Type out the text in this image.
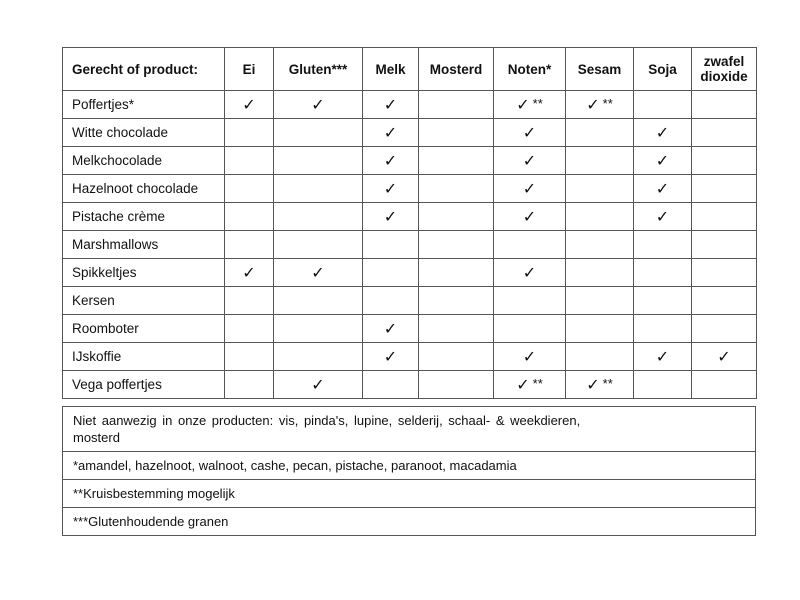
Gerecht of product:	Ei	Gluten***	Melk	Mosterd	Noten*	Sesam	Soja	zwafel
dioxide
Poffertjes*	✓	✓	✓		✓ **	✓ **		
Witte chocolade			✓		✓		✓	
Melkchocolade			✓		✓		✓	
Hazelnoot chocolade			✓		✓		✓	
Pistache crème			✓		✓		✓	
Marshmallows								
Spikkeltjes	✓	✓			✓			
Kersen								
Roomboter			✓					
IJskoffie			✓		✓		✓	✓
Vega poffertjes		✓			✓ **	✓ **		
Niet aanwezig in onze producten: vis, pinda's, lupine, selderij, schaal- & weekdieren, mosterd
*amandel, hazelnoot, walnoot, cashe, pecan, pistache, paranoot, macadamia
**Kruisbestemming mogelijk
***Glutenhoudende granen
